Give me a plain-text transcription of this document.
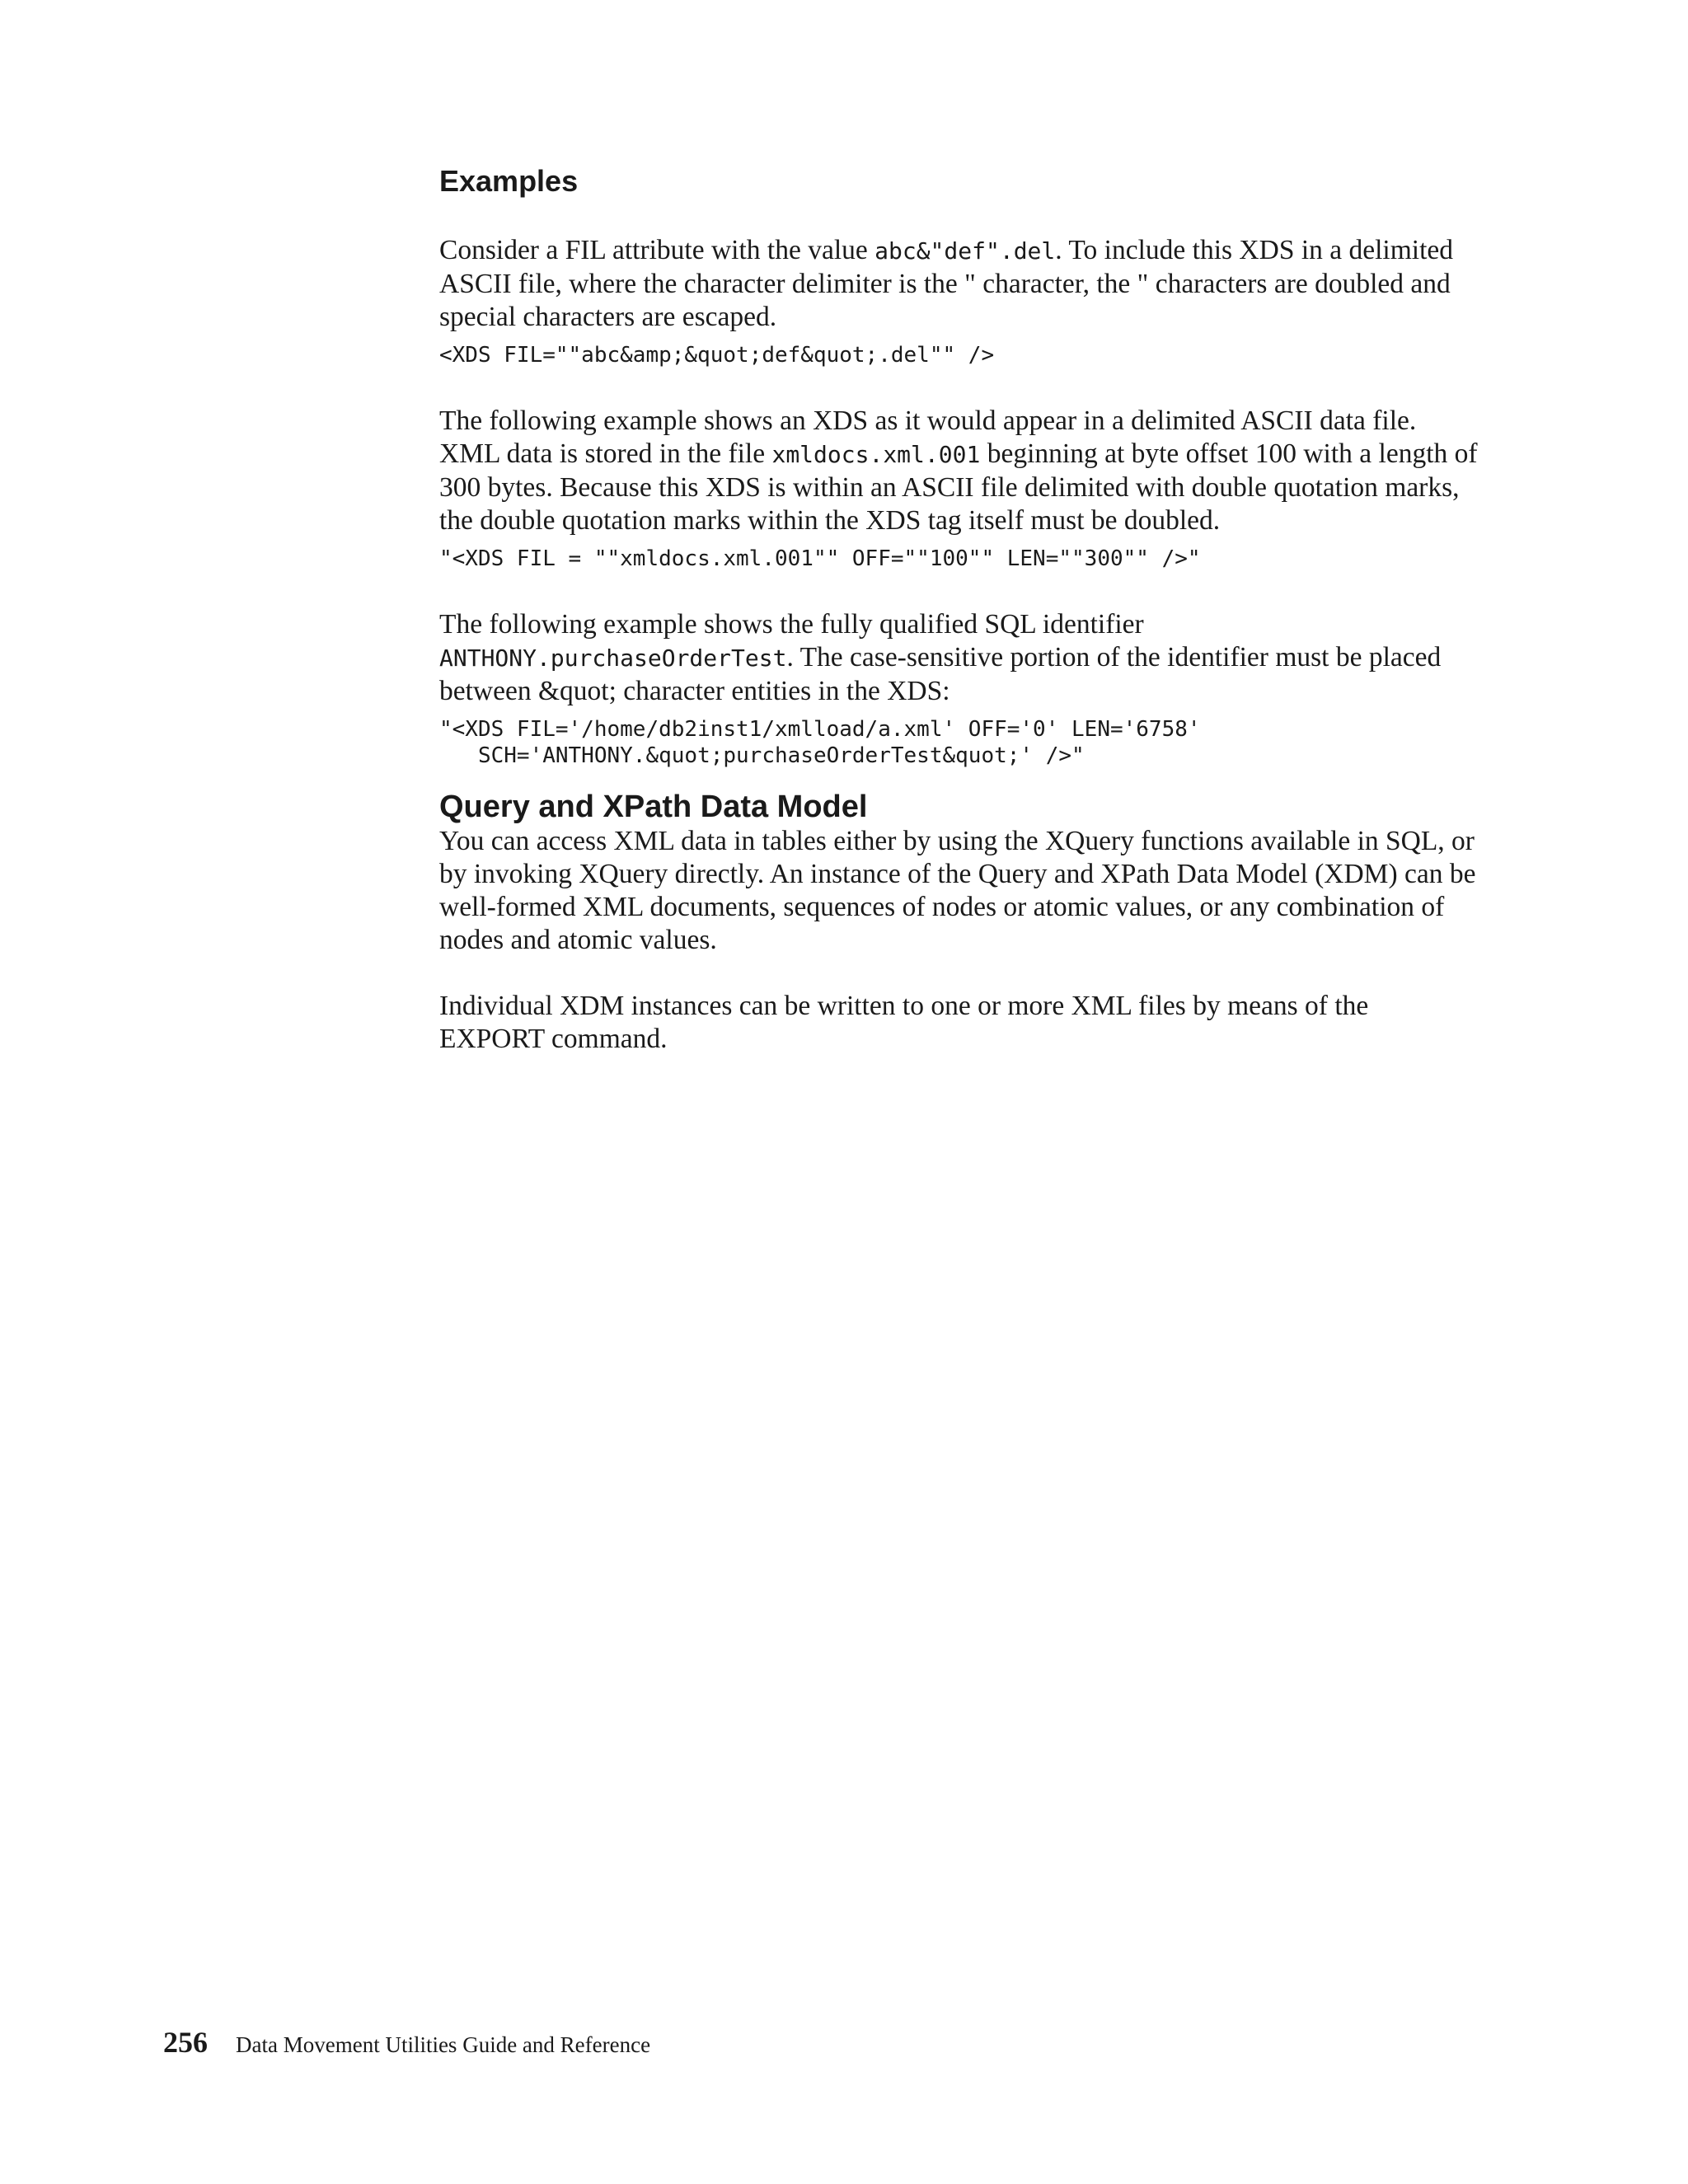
Examples

Consider a FIL attribute with the value abc&"def".del. To include this XDS in a delimited ASCII file, where the character delimiter is the " character, the " characters are doubled and special characters are escaped.

<XDS FIL=""abc&amp;&quot;def&quot;.del"" />

The following example shows an XDS as it would appear in a delimited ASCII data file. XML data is stored in the file xmldocs.xml.001 beginning at byte offset 100 with a length of 300 bytes. Because this XDS is within an ASCII file delimited with double quotation marks, the double quotation marks within the XDS tag itself must be doubled.

"<XDS FIL = ""xmldocs.xml.001"" OFF=""100"" LEN=""300"" />"

The following example shows the fully qualified SQL identifier ANTHONY.purchaseOrderTest. The case-sensitive portion of the identifier must be placed between &quot; character entities in the XDS:

"<XDS FIL='/home/db2inst1/xmlload/a.xml' OFF='0' LEN='6758'
SCH='ANTHONY.&quot;purchaseOrderTest&quot;' />"
Query and XPath Data Model

You can access XML data in tables either by using the XQuery functions available in SQL, or by invoking XQuery directly. An instance of the Query and XPath Data Model (XDM) can be well-formed XML documents, sequences of nodes or atomic values, or any combination of nodes and atomic values.

Individual XDM instances can be written to one or more XML files by means of the EXPORT command.

256 Data Movement Utilities Guide and Reference
